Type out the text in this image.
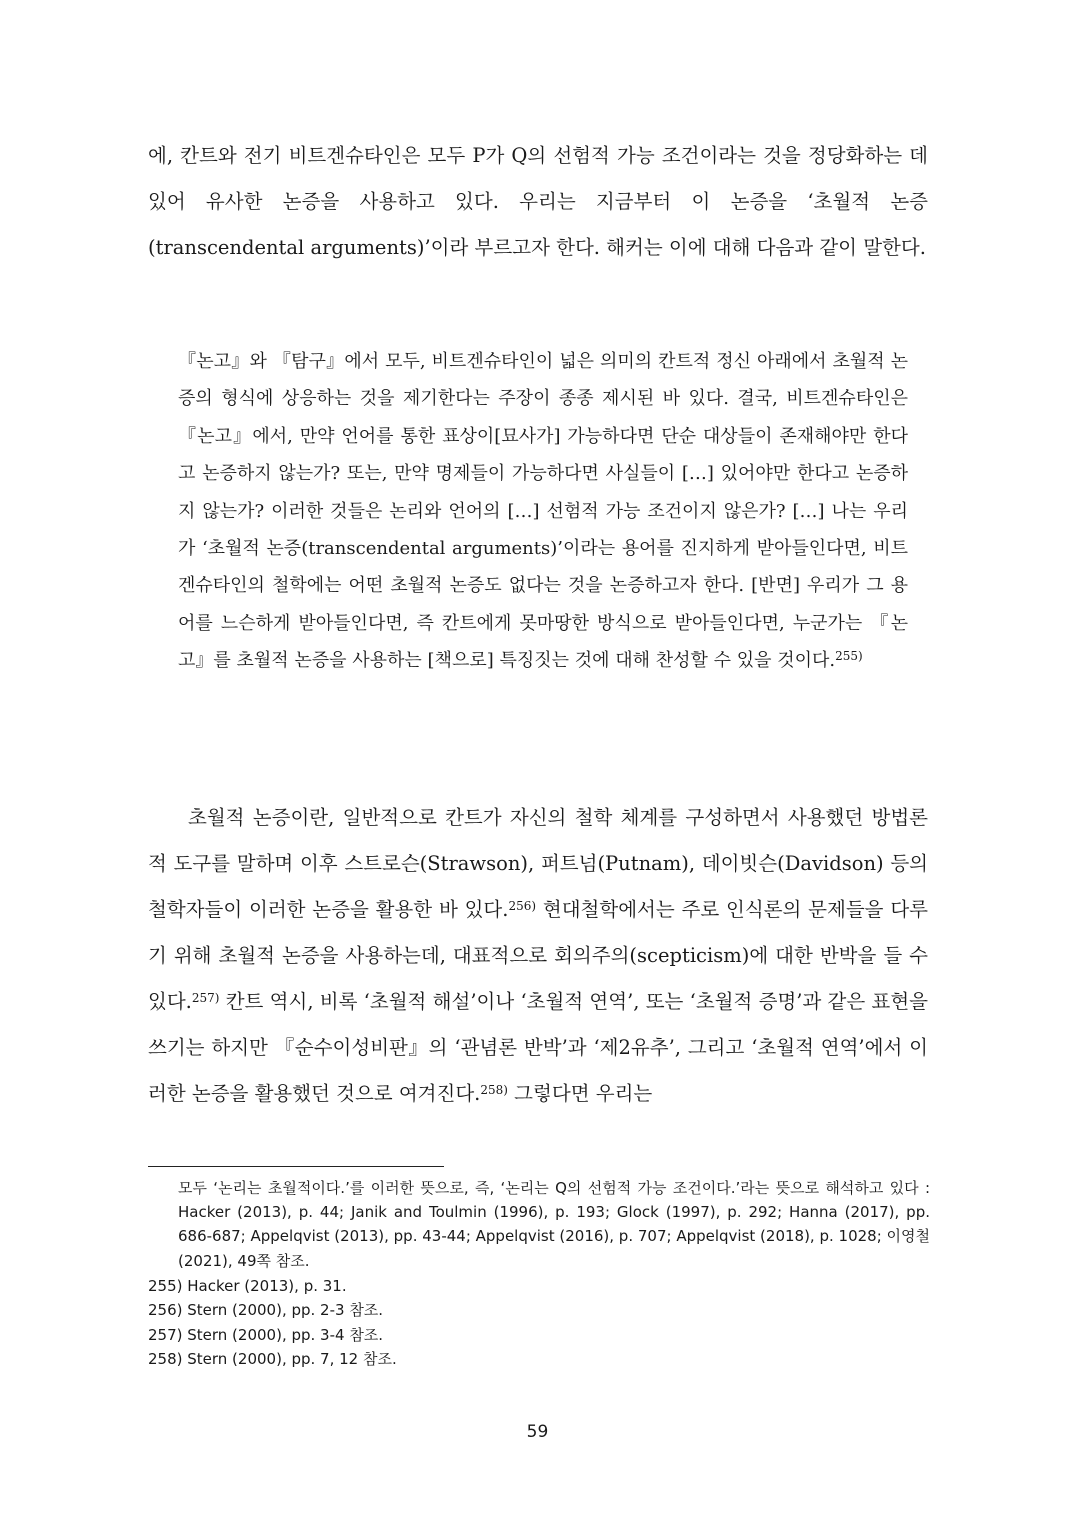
에, 칸트와 전기 비트겐슈타인은 모두 P가 Q의 선험적 가능 조건이라는 것을 정당화하는 데 있어 유사한 논증을 사용하고 있다. 우리는 지금부터 이 논증을 ‘초월적 논증(transcendental arguments)’이라 부르고자 한다. 해커는 이에 대해 다음과 같이 말한다.

『논고』와 『탐구』에서 모두, 비트겐슈타인이 넓은 의미의 칸트적 정신 아래에서 초월적 논증의 형식에 상응하는 것을 제기한다는 주장이 종종 제시된 바 있다. 결국, 비트겐슈타인은 『논고』에서, 만약 언어를 통한 표상이[묘사가] 가능하다면 단순 대상들이 존재해야만 한다고 논증하지 않는가? 또는, 만약 명제들이 가능하다면 사실들이 […] 있어야만 한다고 논증하지 않는가? 이러한 것들은 논리와 언어의 […] 선험적 가능 조건이지 않은가? […] 나는 우리가 ‘초월적 논증(transcendental arguments)’이라는 용어를 진지하게 받아들인다면, 비트겐슈타인의 철학에는 어떤 초월적 논증도 없다는 것을 논증하고자 한다. [반면] 우리가 그 용어를 느슨하게 받아들인다면, 즉 칸트에게 못마땅한 방식으로 받아들인다면, 누군가는 『논고』를 초월적 논증을 사용하는 [책으로] 특징짓는 것에 대해 찬성할 수 있을 것이다.$^{255)}$

초월적 논증이란, 일반적으로 칸트가 자신의 철학 체계를 구성하면서 사용했던 방법론적 도구를 말하며 이후 스트로슨(Strawson), 퍼트넘(Putnam), 데이빗슨(Davidson) 등의 철학자들이 이러한 논증을 활용한 바 있다.$^{256)}$ 현대철학에서는 주로 인식론의 문제들을 다루기 위해 초월적 논증을 사용하는데, 대표적으로 회의주의(scepticism)에 대한 반박을 들 수 있다.$^{257)}$ 칸트 역시, 비록 ‘초월적 해설’이나 ‘초월적 연역’, 또는 ‘초월적 증명’과 같은 표현을 쓰기는 하지만 『순수이성비판』의 ‘관념론 반박’과 ‘제2유추’, 그리고 ‘초월적 연역’에서 이러한 논증을 활용했던 것으로 여겨진다.$^{258)}$ 그렇다면 우리는

모두 ‘논리는 초월적이다.’를 이러한 뜻으로, 즉, ‘논리는 Q의 선험적 가능 조건이다.’라는 뜻으로 해석하고 있다 : Hacker (2013), p. 44; Janik and Toulmin (1996), p. 193; Glock (1997), p. 292; Hanna (2017), pp. 686-687; Appelqvist (2013), pp. 43-44; Appelqvist (2016), p. 707; Appelqvist (2018), p. 1028; 이영철 (2021), 49쪽 참조.

255) Hacker (2013), p. 31.
256) Stern (2000), pp. 2-3 참조.
257) Stern (2000), pp. 3-4 참조.
258) Stern (2000), pp. 7, 12 참조.
59
